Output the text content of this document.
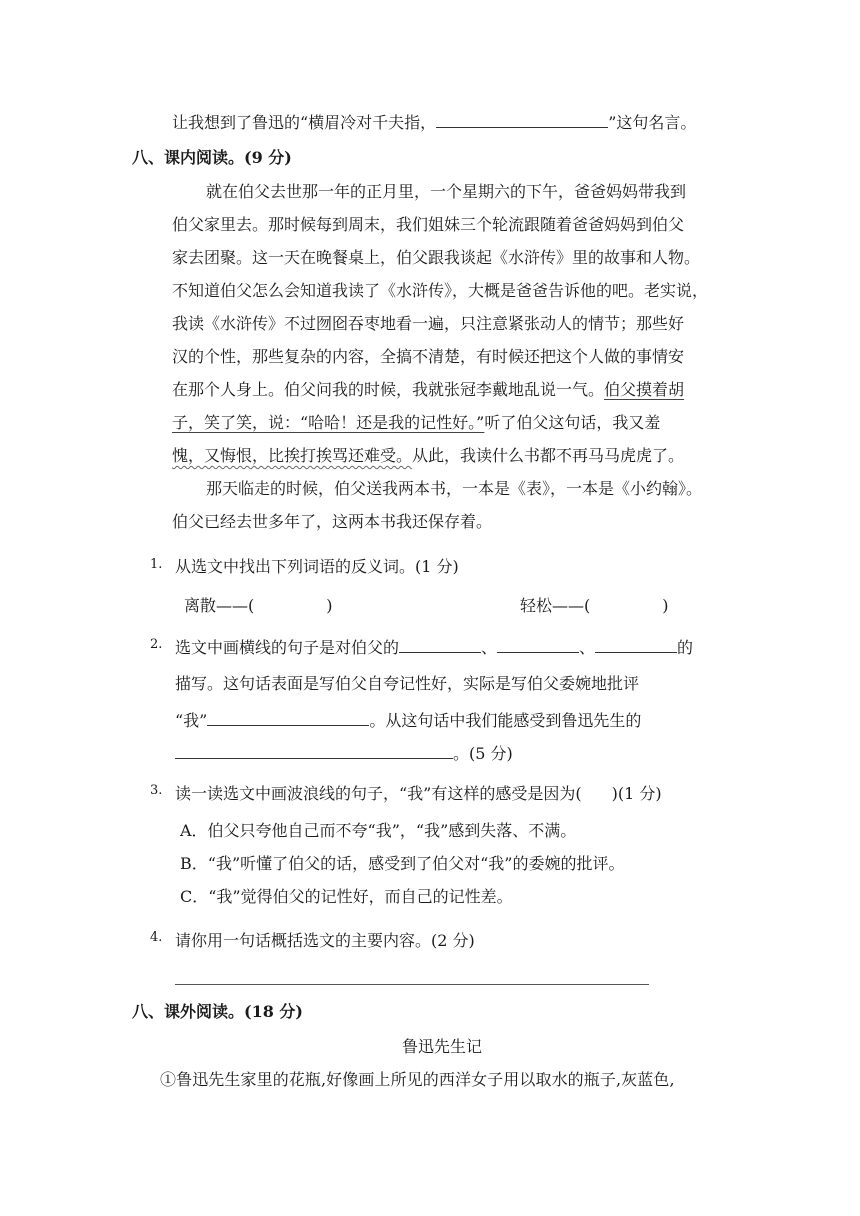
让我想到了鲁迅的“横眉冷对千夫指，	”这句名言。
八、课内阅读。(9 分)
就在伯父去世那一年的正月里，一个星期六的下午，爸爸妈妈带我到
伯父家里去。那时候每到周末，我们姐妹三个轮流跟随着爸爸妈妈到伯父
家去团聚。这一天在晚餐桌上，伯父跟我谈起《水浒传》里的故事和人物。
不知道伯父怎么会知道我读了《水浒传》，大概是爸爸告诉他的吧。老实说，
我读《水浒传》不过囫囵吞枣地看一遍，只注意紧张动人的情节；那些好
汉的个性，那些复杂的内容，全搞不清楚，有时候还把这个人做的事情安
在那个人身上。伯父问我的时候，我就张冠李戴地乱说一气。伯父摸着胡
子，笑了笑，说：“哈哈！还是我的记性好。”听了伯父这句话，我又羞
愧，又悔恨，比挨打挨骂还难受。从此，我读什么书都不再马马虎虎了。
那天临走的时候，伯父送我两本书，一本是《表》，一本是《小约翰》。
伯父已经去世多年了，这两本书我还保存着。
1. 从选文中找出下列词语的反义词。(1 分)
离散——(	)	轻松——(	)
2. 选文中画横线的句子是对伯父的	、	、	的
描写。这句话表面是写伯父自夸记性好，实际是写伯父委婉地批评
“我”	。从这句话中我们能感受到鲁迅先生的
。(5 分)
3. 读一读选文中画波浪线的句子，“我”有这样的感受是因为( )(1 分)
A．伯父只夸他自己而不夸“我”，“我”感到失落、不满。
B．“我”听懂了伯父的话，感受到了伯父对“我”的委婉的批评。
C．“我”觉得伯父的记性好，而自己的记性差。
4. 请你用一句话概括选文的主要内容。(2 分)
八、课外阅读。(18 分)
鲁迅先生记
①鲁迅先生家里的花瓶,好像画上所见的西洋女子用以取水的瓶子,灰蓝色,
